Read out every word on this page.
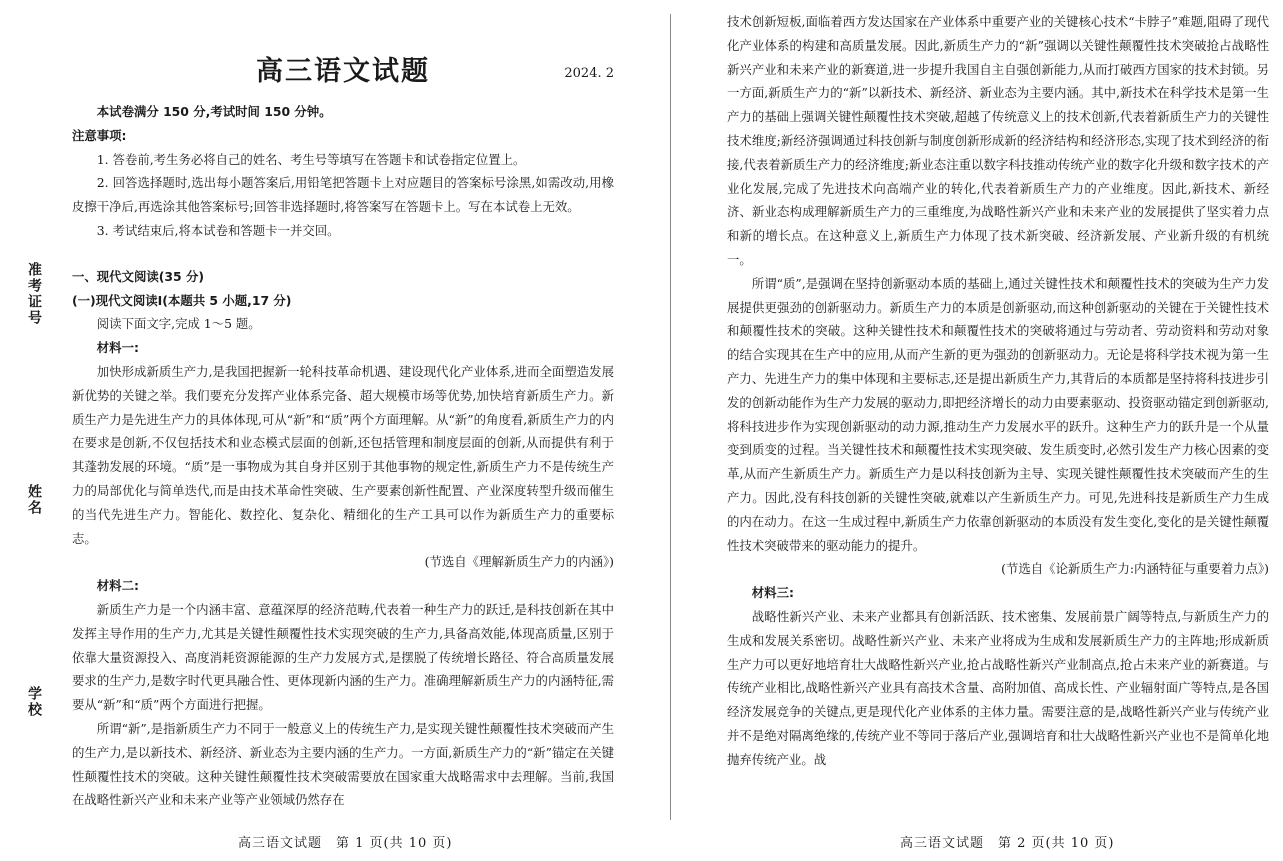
准考证号
姓名
学校
高三语文试题	2024. 2

本试卷满分 150 分,考试时间 150 分钟。

注意事项:

1. 答卷前,考生务必将自己的姓名、考生号等填写在答题卡和试卷指定位置上。

2. 回答选择题时,选出每小题答案后,用铅笔把答题卡上对应题目的答案标号涂黑,如需改动,用橡皮擦干净后,再选涂其他答案标号;回答非选择题时,将答案写在答题卡上。写在本试卷上无效。

3. 考试结束后,将本试卷和答题卡一并交回。

一、现代文阅读(35 分)

(一)现代文阅读Ⅰ(本题共 5 小题,17 分)

阅读下面文字,完成 1～5 题。

材料一:

加快形成新质生产力,是我国把握新一轮科技革命机遇、建设现代化产业体系,进而全面塑造发展新优势的关键之举。我们要充分发挥产业体系完备、超大规模市场等优势,加快培育新质生产力。新质生产力是先进生产力的具体体现,可从“新”和“质”两个方面理解。从“新”的角度看,新质生产力的内在要求是创新,不仅包括技术和业态模式层面的创新,还包括管理和制度层面的创新,从而提供有利于其蓬勃发展的环境。“质”是一事物成为其自身并区别于其他事物的规定性,新质生产力不是传统生产力的局部优化与简单迭代,而是由技术革命性突破、生产要素创新性配置、产业深度转型升级而催生的当代先进生产力。智能化、数控化、复杂化、精细化的生产工具可以作为新质生产力的重要标志。

(节选自《理解新质生产力的内涵》)

材料二:

新质生产力是一个内涵丰富、意蕴深厚的经济范畴,代表着一种生产力的跃迁,是科技创新在其中发挥主导作用的生产力,尤其是关键性颠覆性技术实现突破的生产力,具备高效能,体现高质量,区别于依靠大量资源投入、高度消耗资源能源的生产力发展方式,是摆脱了传统增长路径、符合高质量发展要求的生产力,是数字时代更具融合性、更体现新内涵的生产力。准确理解新质生产力的内涵特征,需要从“新”和“质”两个方面进行把握。

所谓“新”,是指新质生产力不同于一般意义上的传统生产力,是实现关键性颠覆性技术突破而产生的生产力,是以新技术、新经济、新业态为主要内涵的生产力。一方面,新质生产力的“新”锚定在关键性颠覆性技术的突破。这种关键性颠覆性技术突破需要放在国家重大战略需求中去理解。当前,我国在战略性新兴产业和未来产业等产业领域仍然存在

技术创新短板,面临着西方发达国家在产业体系中重要产业的关键核心技术“卡脖子”难题,阻碍了现代化产业体系的构建和高质量发展。因此,新质生产力的“新”强调以关键性颠覆性技术突破抢占战略性新兴产业和未来产业的新赛道,进一步提升我国自主自强创新能力,从而打破西方国家的技术封锁。另一方面,新质生产力的“新”以新技术、新经济、新业态为主要内涵。其中,新技术在科学技术是第一生产力的基础上强调关键性颠覆性技术突破,超越了传统意义上的技术创新,代表着新质生产力的关键性技术维度;新经济强调通过科技创新与制度创新形成新的经济结构和经济形态,实现了技术到经济的衔接,代表着新质生产力的经济维度;新业态注重以数字科技推动传统产业的数字化升级和数字技术的产业化发展,完成了先进技术向高端产业的转化,代表着新质生产力的产业维度。因此,新技术、新经济、新业态构成理解新质生产力的三重维度,为战略性新兴产业和未来产业的发展提供了坚实着力点和新的增长点。在这种意义上,新质生产力体现了技术新突破、经济新发展、产业新升级的有机统一。

所谓“质”,是强调在坚持创新驱动本质的基础上,通过关键性技术和颠覆性技术的突破为生产力发展提供更强劲的创新驱动力。新质生产力的本质是创新驱动,而这种创新驱动的关键在于关键性技术和颠覆性技术的突破。这种关键性技术和颠覆性技术的突破将通过与劳动者、劳动资料和劳动对象的结合实现其在生产中的应用,从而产生新的更为强劲的创新驱动力。无论是将科学技术视为第一生产力、先进生产力的集中体现和主要标志,还是提出新质生产力,其背后的本质都是坚持将科技进步引发的创新动能作为生产力发展的驱动力,即把经济增长的动力由要素驱动、投资驱动锚定到创新驱动,将科技进步作为实现创新驱动的动力源,推动生产力发展水平的跃升。这种生产力的跃升是一个从量变到质变的过程。当关键性技术和颠覆性技术实现突破、发生质变时,必然引发生产力核心因素的变革,从而产生新质生产力。新质生产力是以科技创新为主导、实现关键性颠覆性技术突破而产生的生产力。因此,没有科技创新的关键性突破,就难以产生新质生产力。可见,先进科技是新质生产力生成的内在动力。在这一生成过程中,新质生产力依靠创新驱动的本质没有发生变化,变化的是关键性颠覆性技术突破带来的驱动能力的提升。

(节选自《论新质生产力:内涵特征与重要着力点》)

材料三:

战略性新兴产业、未来产业都具有创新活跃、技术密集、发展前景广阔等特点,与新质生产力的生成和发展关系密切。战略性新兴产业、未来产业将成为生成和发展新质生产力的主阵地;形成新质生产力可以更好地培育壮大战略性新兴产业,抢占战略性新兴产业制高点,抢占未来产业的新赛道。与传统产业相比,战略性新兴产业具有高技术含量、高附加值、高成长性、产业辐射面广等特点,是各国经济发展竞争的关键点,更是现代化产业体系的主体力量。需要注意的是,战略性新兴产业与传统产业并不是绝对隔离绝缘的,传统产业不等同于落后产业,强调培育和壮大战略性新兴产业也不是简单化地抛弃传统产业。战

高三语文试题　第 1 页(共 10 页)	高三语文试题　第 2 页(共 10 页)
